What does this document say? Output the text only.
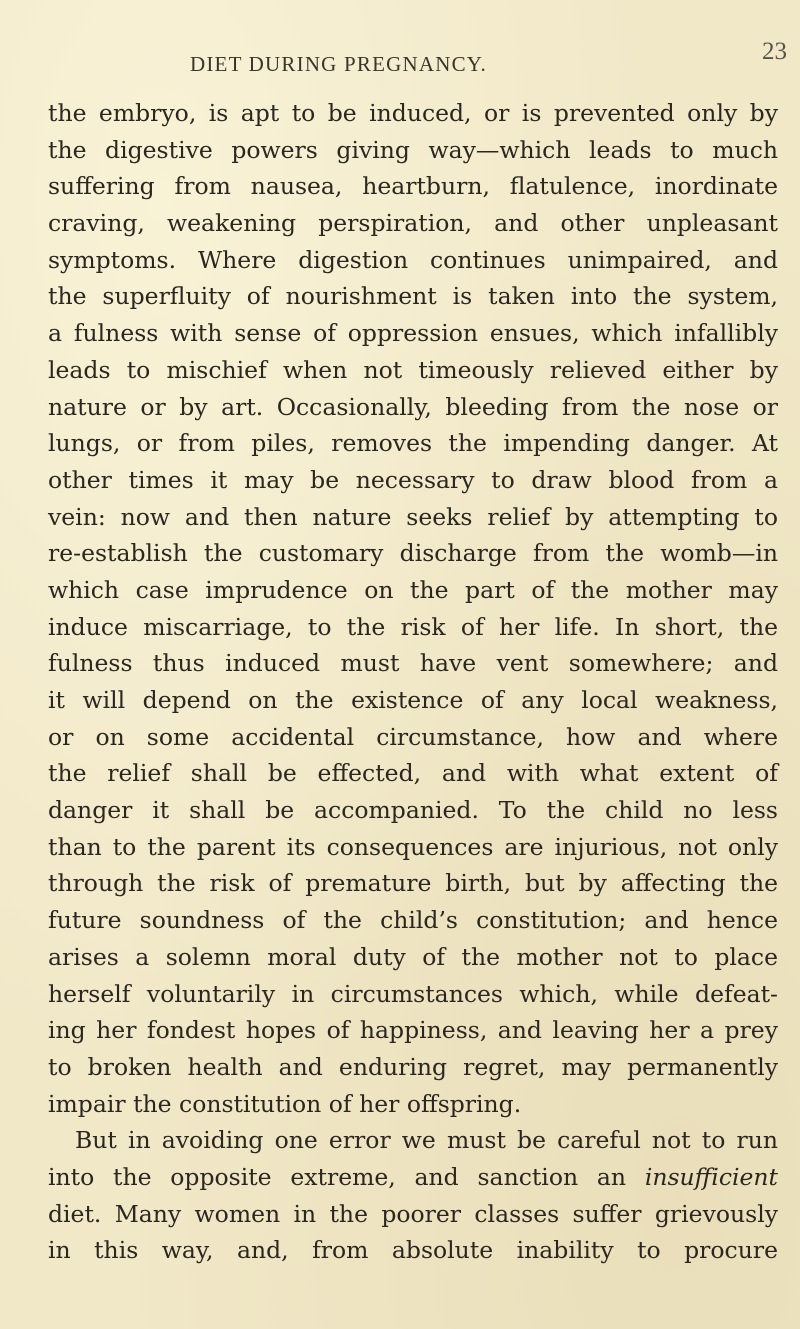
DIET DURING PREGNANCY.	23
the embryo, is apt to be induced, or is prevented only by
the digestive powers giving way—which leads to much
suffering from nausea, heartburn, flatulence, inordinate
craving, weakening perspiration, and other unpleasant
symptoms. Where digestion continues unimpaired, and
the superfluity of nourishment is taken into the system,
a fulness with sense of oppression ensues, which infallibly
leads to mischief when not timeously relieved either by
nature or by art. Occasionally, bleeding from the nose or
lungs, or from piles, removes the impending danger. At
other times it may be necessary to draw blood from a
vein: now and then nature seeks relief by attempting to
re-establish the customary discharge from the womb—in
which case imprudence on the part of the mother may
induce miscarriage, to the risk of her life. In short, the
fulness thus induced must have vent somewhere; and
it will depend on the existence of any local weakness,
or on some accidental circumstance, how and where
the relief shall be effected, and with what extent of
danger it shall be accompanied. To the child no less
than to the parent its consequences are injurious, not only
through the risk of premature birth, but by affecting the
future soundness of the child’s constitution; and hence
arises a solemn moral duty of the mother not to place
herself voluntarily in circumstances which, while defeat-
ing her fondest hopes of happiness, and leaving her a prey
to broken health and enduring regret, may permanently
impair the constitution of her offspring.
But in avoiding one error we must be careful not to run
into the opposite extreme, and sanction an insufficient
diet. Many women in the poorer classes suffer grievously
in this way, and, from absolute inability to procure
